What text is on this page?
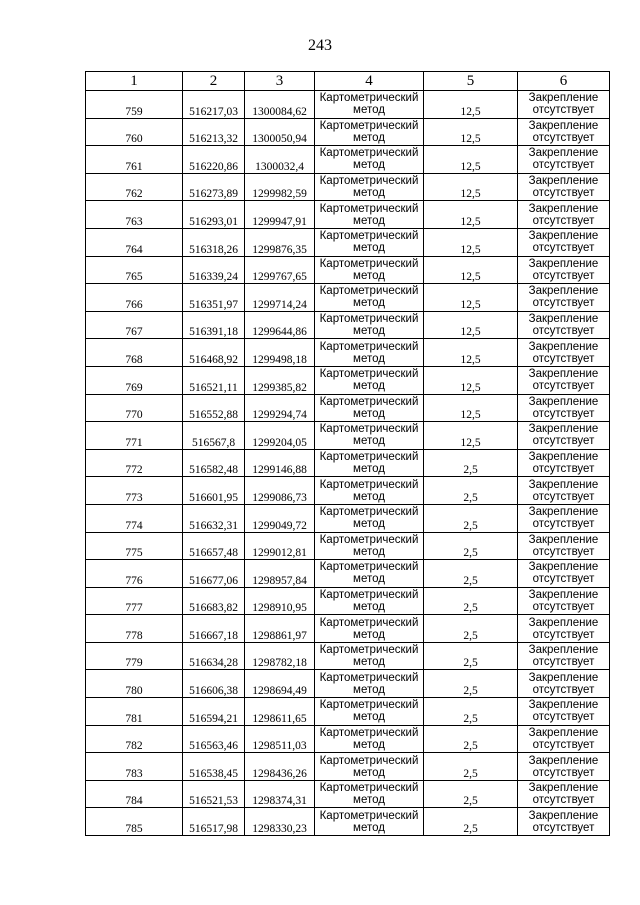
243
1	2	3	4	5	6
759	516217,03	1300084,62	Картометрический метод	12,5	Закрепление отсутствует
760	516213,32	1300050,94	Картометрический метод	12,5	Закрепление отсутствует
761	516220,86	1300032,4	Картометрический метод	12,5	Закрепление отсутствует
762	516273,89	1299982,59	Картометрический метод	12,5	Закрепление отсутствует
763	516293,01	1299947,91	Картометрический метод	12,5	Закрепление отсутствует
764	516318,26	1299876,35	Картометрический метод	12,5	Закрепление отсутствует
765	516339,24	1299767,65	Картометрический метод	12,5	Закрепление отсутствует
766	516351,97	1299714,24	Картометрический метод	12,5	Закрепление отсутствует
767	516391,18	1299644,86	Картометрический метод	12,5	Закрепление отсутствует
768	516468,92	1299498,18	Картометрический метод	12,5	Закрепление отсутствует
769	516521,11	1299385,82	Картометрический метод	12,5	Закрепление отсутствует
770	516552,88	1299294,74	Картометрический метод	12,5	Закрепление отсутствует
771	516567,8	1299204,05	Картометрический метод	12,5	Закрепление отсутствует
772	516582,48	1299146,88	Картометрический метод	2,5	Закрепление отсутствует
773	516601,95	1299086,73	Картометрический метод	2,5	Закрепление отсутствует
774	516632,31	1299049,72	Картометрический метод	2,5	Закрепление отсутствует
775	516657,48	1299012,81	Картометрический метод	2,5	Закрепление отсутствует
776	516677,06	1298957,84	Картометрический метод	2,5	Закрепление отсутствует
777	516683,82	1298910,95	Картометрический метод	2,5	Закрепление отсутствует
778	516667,18	1298861,97	Картометрический метод	2,5	Закрепление отсутствует
779	516634,28	1298782,18	Картометрический метод	2,5	Закрепление отсутствует
780	516606,38	1298694,49	Картометрический метод	2,5	Закрепление отсутствует
781	516594,21	1298611,65	Картометрический метод	2,5	Закрепление отсутствует
782	516563,46	1298511,03	Картометрический метод	2,5	Закрепление отсутствует
783	516538,45	1298436,26	Картометрический метод	2,5	Закрепление отсутствует
784	516521,53	1298374,31	Картометрический метод	2,5	Закрепление отсутствует
785	516517,98	1298330,23	Картометрический метод	2,5	Закрепление отсутствует
